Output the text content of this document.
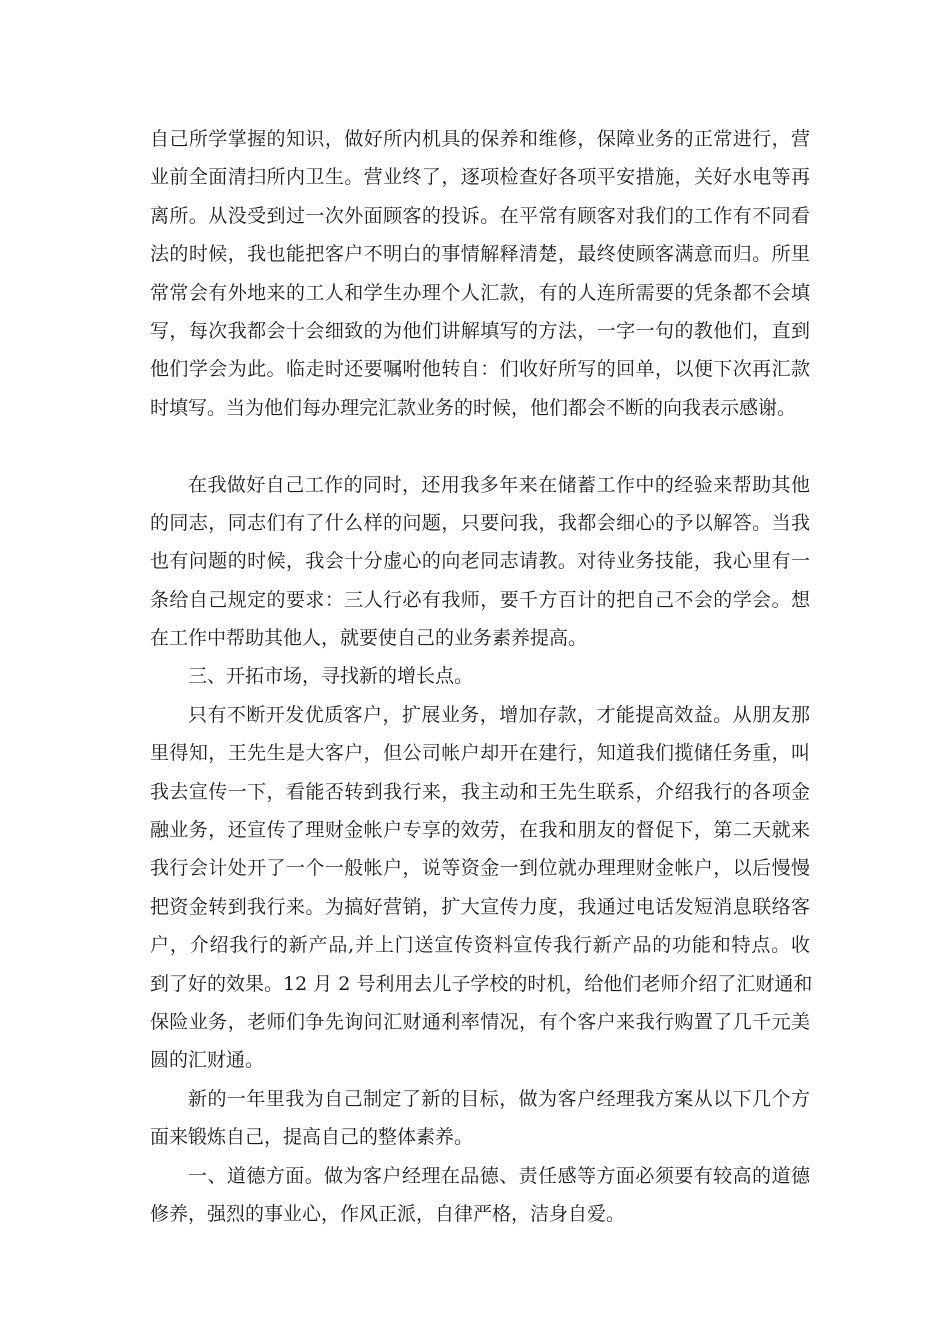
自己所学掌握的知识，做好所内机具的保养和维修，保障业务的正常进行，营
业前全面清扫所内卫生。营业终了，逐项检查好各项平安措施，关好水电等再
离所。从没受到过一次外面顾客的投诉。在平常有顾客对我们的工作有不同看
法的时候，我也能把客户不明白的事情解释清楚，最终使顾客满意而归。所里
常常会有外地来的工人和学生办理个人汇款，有的人连所需要的凭条都不会填
写，每次我都会十会细致的为他们讲解填写的方法，一字一句的教他们，直到
他们学会为此。临走时还要嘱咐他转自：们收好所写的回单，以便下次再汇款
时填写。当为他们每办理完汇款业务的时候，他们都会不断的向我表示感谢。
在我做好自己工作的同时，还用我多年来在储蓄工作中的经验来帮助其他
的同志，同志们有了什么样的问题，只要问我，我都会细心的予以解答。当我
也有问题的时候，我会十分虚心的向老同志请教。对待业务技能，我心里有一
条给自己规定的要求：三人行必有我师，要千方百计的把自己不会的学会。想
在工作中帮助其他人，就要使自己的业务素养提高。
三、开拓市场，寻找新的增长点。
只有不断开发优质客户，扩展业务，增加存款，才能提高效益。从朋友那
里得知，王先生是大客户，但公司帐户却开在建行，知道我们揽储任务重，叫
我去宣传一下，看能否转到我行来，我主动和王先生联系，介绍我行的各项金
融业务，还宣传了理财金帐户专享的效劳，在我和朋友的督促下，第二天就来
我行会计处开了一个一般帐户，说等资金一到位就办理理财金帐户，以后慢慢
把资金转到我行来。为搞好营销，扩大宣传力度，我通过电话发短消息联络客
户，介绍我行的新产品,并上门送宣传资料宣传我行新产品的功能和特点。收
到了好的效果。12 月 2 号利用去儿子学校的时机，给他们老师介绍了汇财通和
保险业务，老师们争先询问汇财通利率情况，有个客户来我行购置了几千元美
圆的汇财通。
新的一年里我为自己制定了新的目标，做为客户经理我方案从以下几个方
面来锻炼自己，提高自己的整体素养。
一、道德方面。做为客户经理在品德、责任感等方面必须要有较高的道德
修养，强烈的事业心，作风正派，自律严格，洁身自爱。
